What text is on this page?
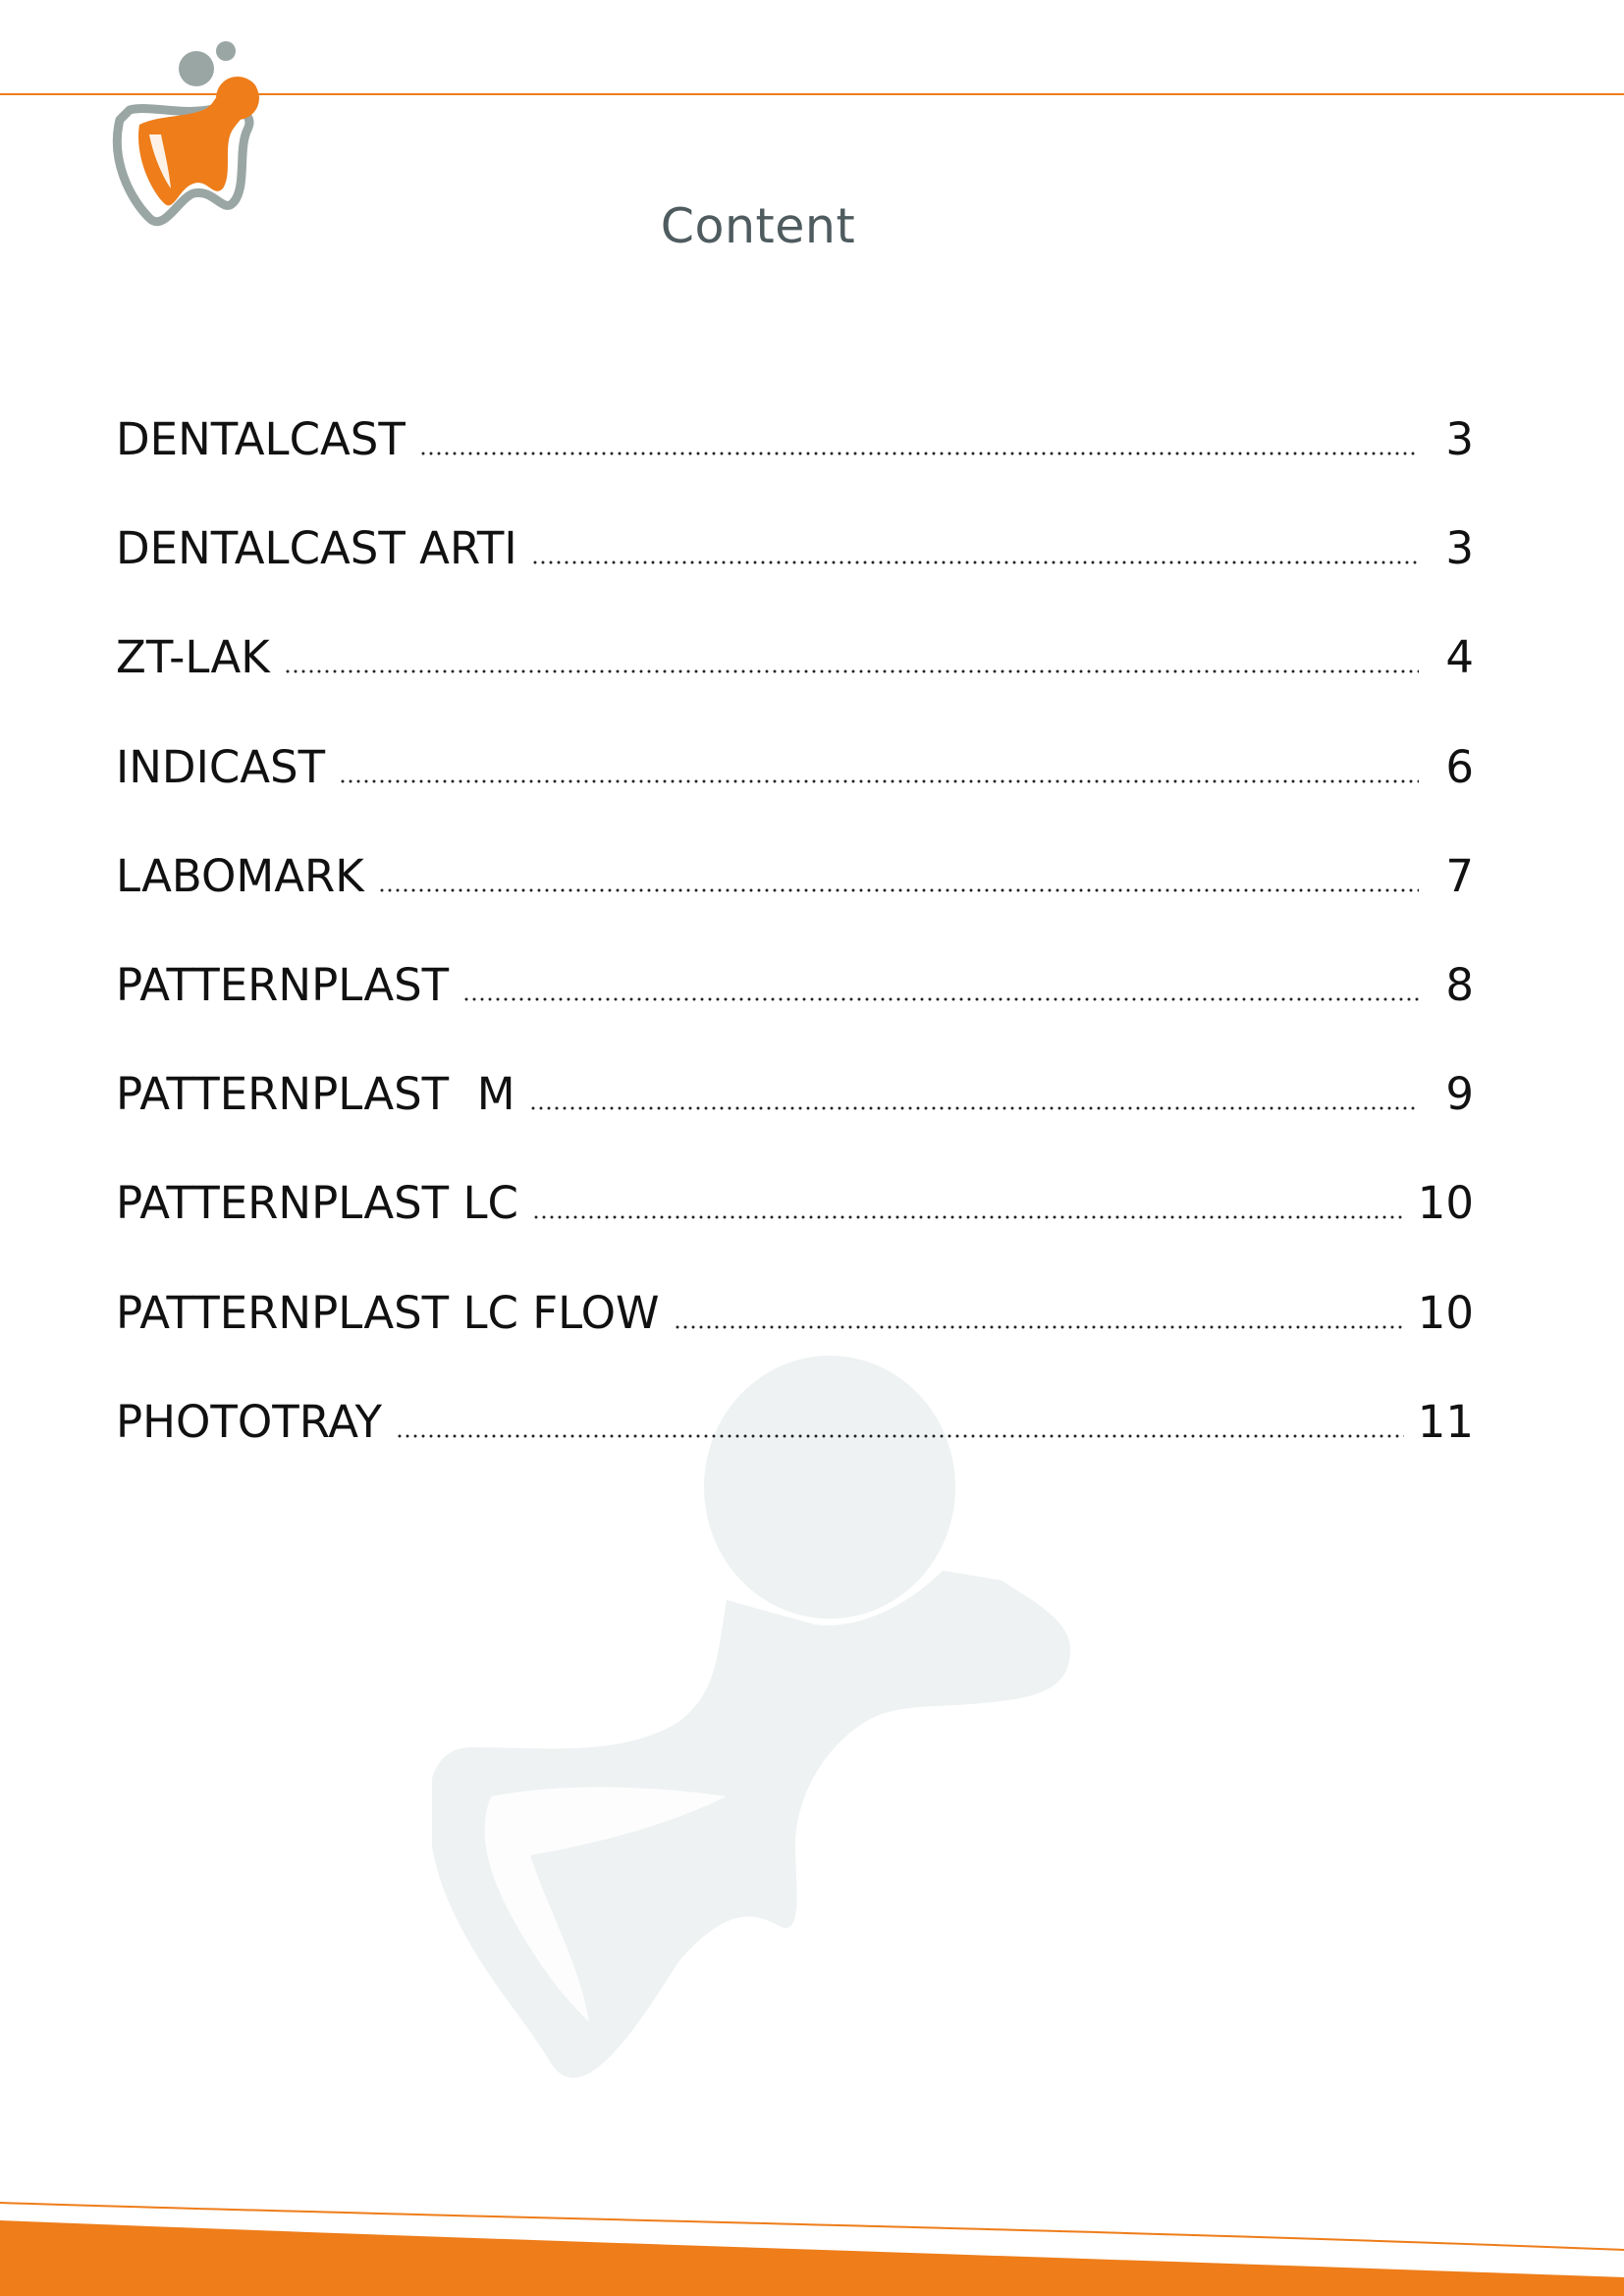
Content
DENTALCAST	3
DENTALCAST ARTI	3
ZT-LAK	4
INDICAST	6
LABOMARK	7
PATTERNPLAST	8
PATTERNPLAST  M	9
PATTERNPLAST LC	10
PATTERNPLAST LC FLOW	10
PHOTOTRAY	11
